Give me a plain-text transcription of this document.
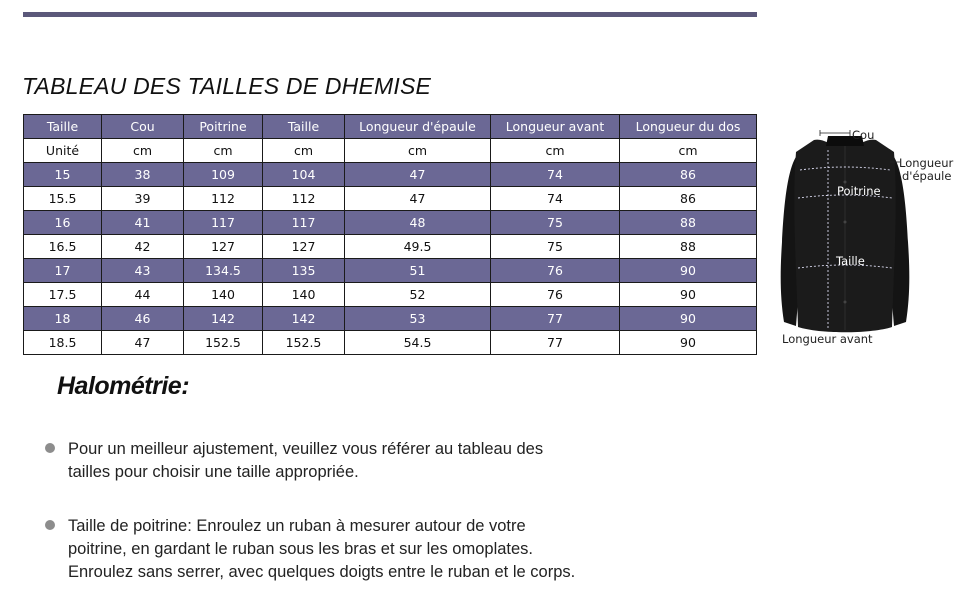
TABLEAU DES TAILLES DE DHEMISE
Taille	Cou	Poitrine	Taille	Longueur d'épaule	Longueur avant	Longueur du dos
Unité	cm	cm	cm	cm	cm	cm
15	38	109	104	47	74	86
15.5	39	112	112	47	74	86
16	41	117	117	48	75	88
16.5	42	127	127	49.5	75	88
17	43	134.5	135	51	76	90
17.5	44	140	140	52	76	90
18	46	142	142	53	77	90
18.5	47	152.5	152.5	54.5	77	90
Cou
Longueur
d'épaule
Poitrine
Taille
Longueur avant
Halométrie:
Pour un meilleur ajustement, veuillez vous référer au tableau des
tailles pour choisir une taille appropriée.
Taille de poitrine: Enroulez un ruban à mesurer autour de votre
poitrine, en gardant le ruban sous les bras et sur les omoplates.
Enroulez sans serrer, avec quelques doigts entre le ruban et le corps.
